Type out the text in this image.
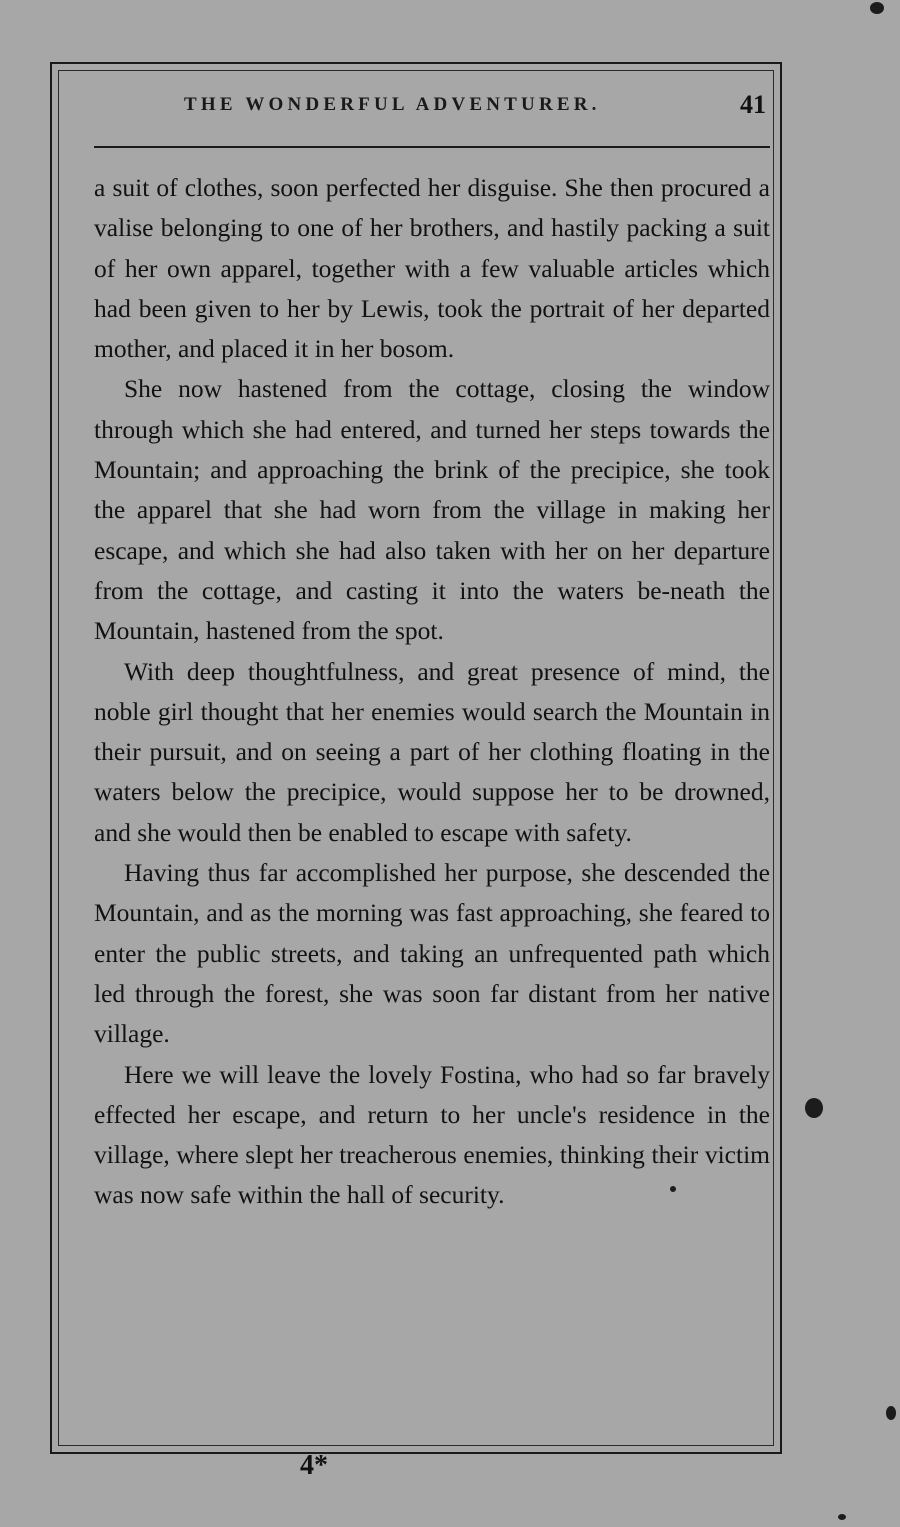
THE WONDERFUL ADVENTURER.	41

a suit of clothes, soon perfected her disguise. She then procured a valise belonging to one of her brothers, and hastily packing a suit of her own apparel, together with a few valuable articles which had been given to her by Lewis, took the portrait of her departed mother, and placed it in her bosom.

She now hastened from the cottage, closing the window through which she had entered, and turned her steps towards the Mountain; and approaching the brink of the precipice, she took the apparel that she had worn from the village in making her escape, and which she had also taken with her on her departure from the cottage, and casting it into the waters be-neath the Mountain, hastened from the spot.

With deep thoughtfulness, and great presence of mind, the noble girl thought that her enemies would search the Mountain in their pursuit, and on seeing a part of her clothing floating in the waters below the precipice, would suppose her to be drowned, and she would then be enabled to escape with safety.

Having thus far accomplished her purpose, she descended the Mountain, and as the morning was fast approaching, she feared to enter the public streets, and taking an unfrequented path which led through the forest, she was soon far distant from her native village.

Here we will leave the lovely Fostina, who had so far bravely effected her escape, and return to her uncle's residence in the village, where slept her treacherous enemies, thinking their victim was now safe within the hall of security.

4*
